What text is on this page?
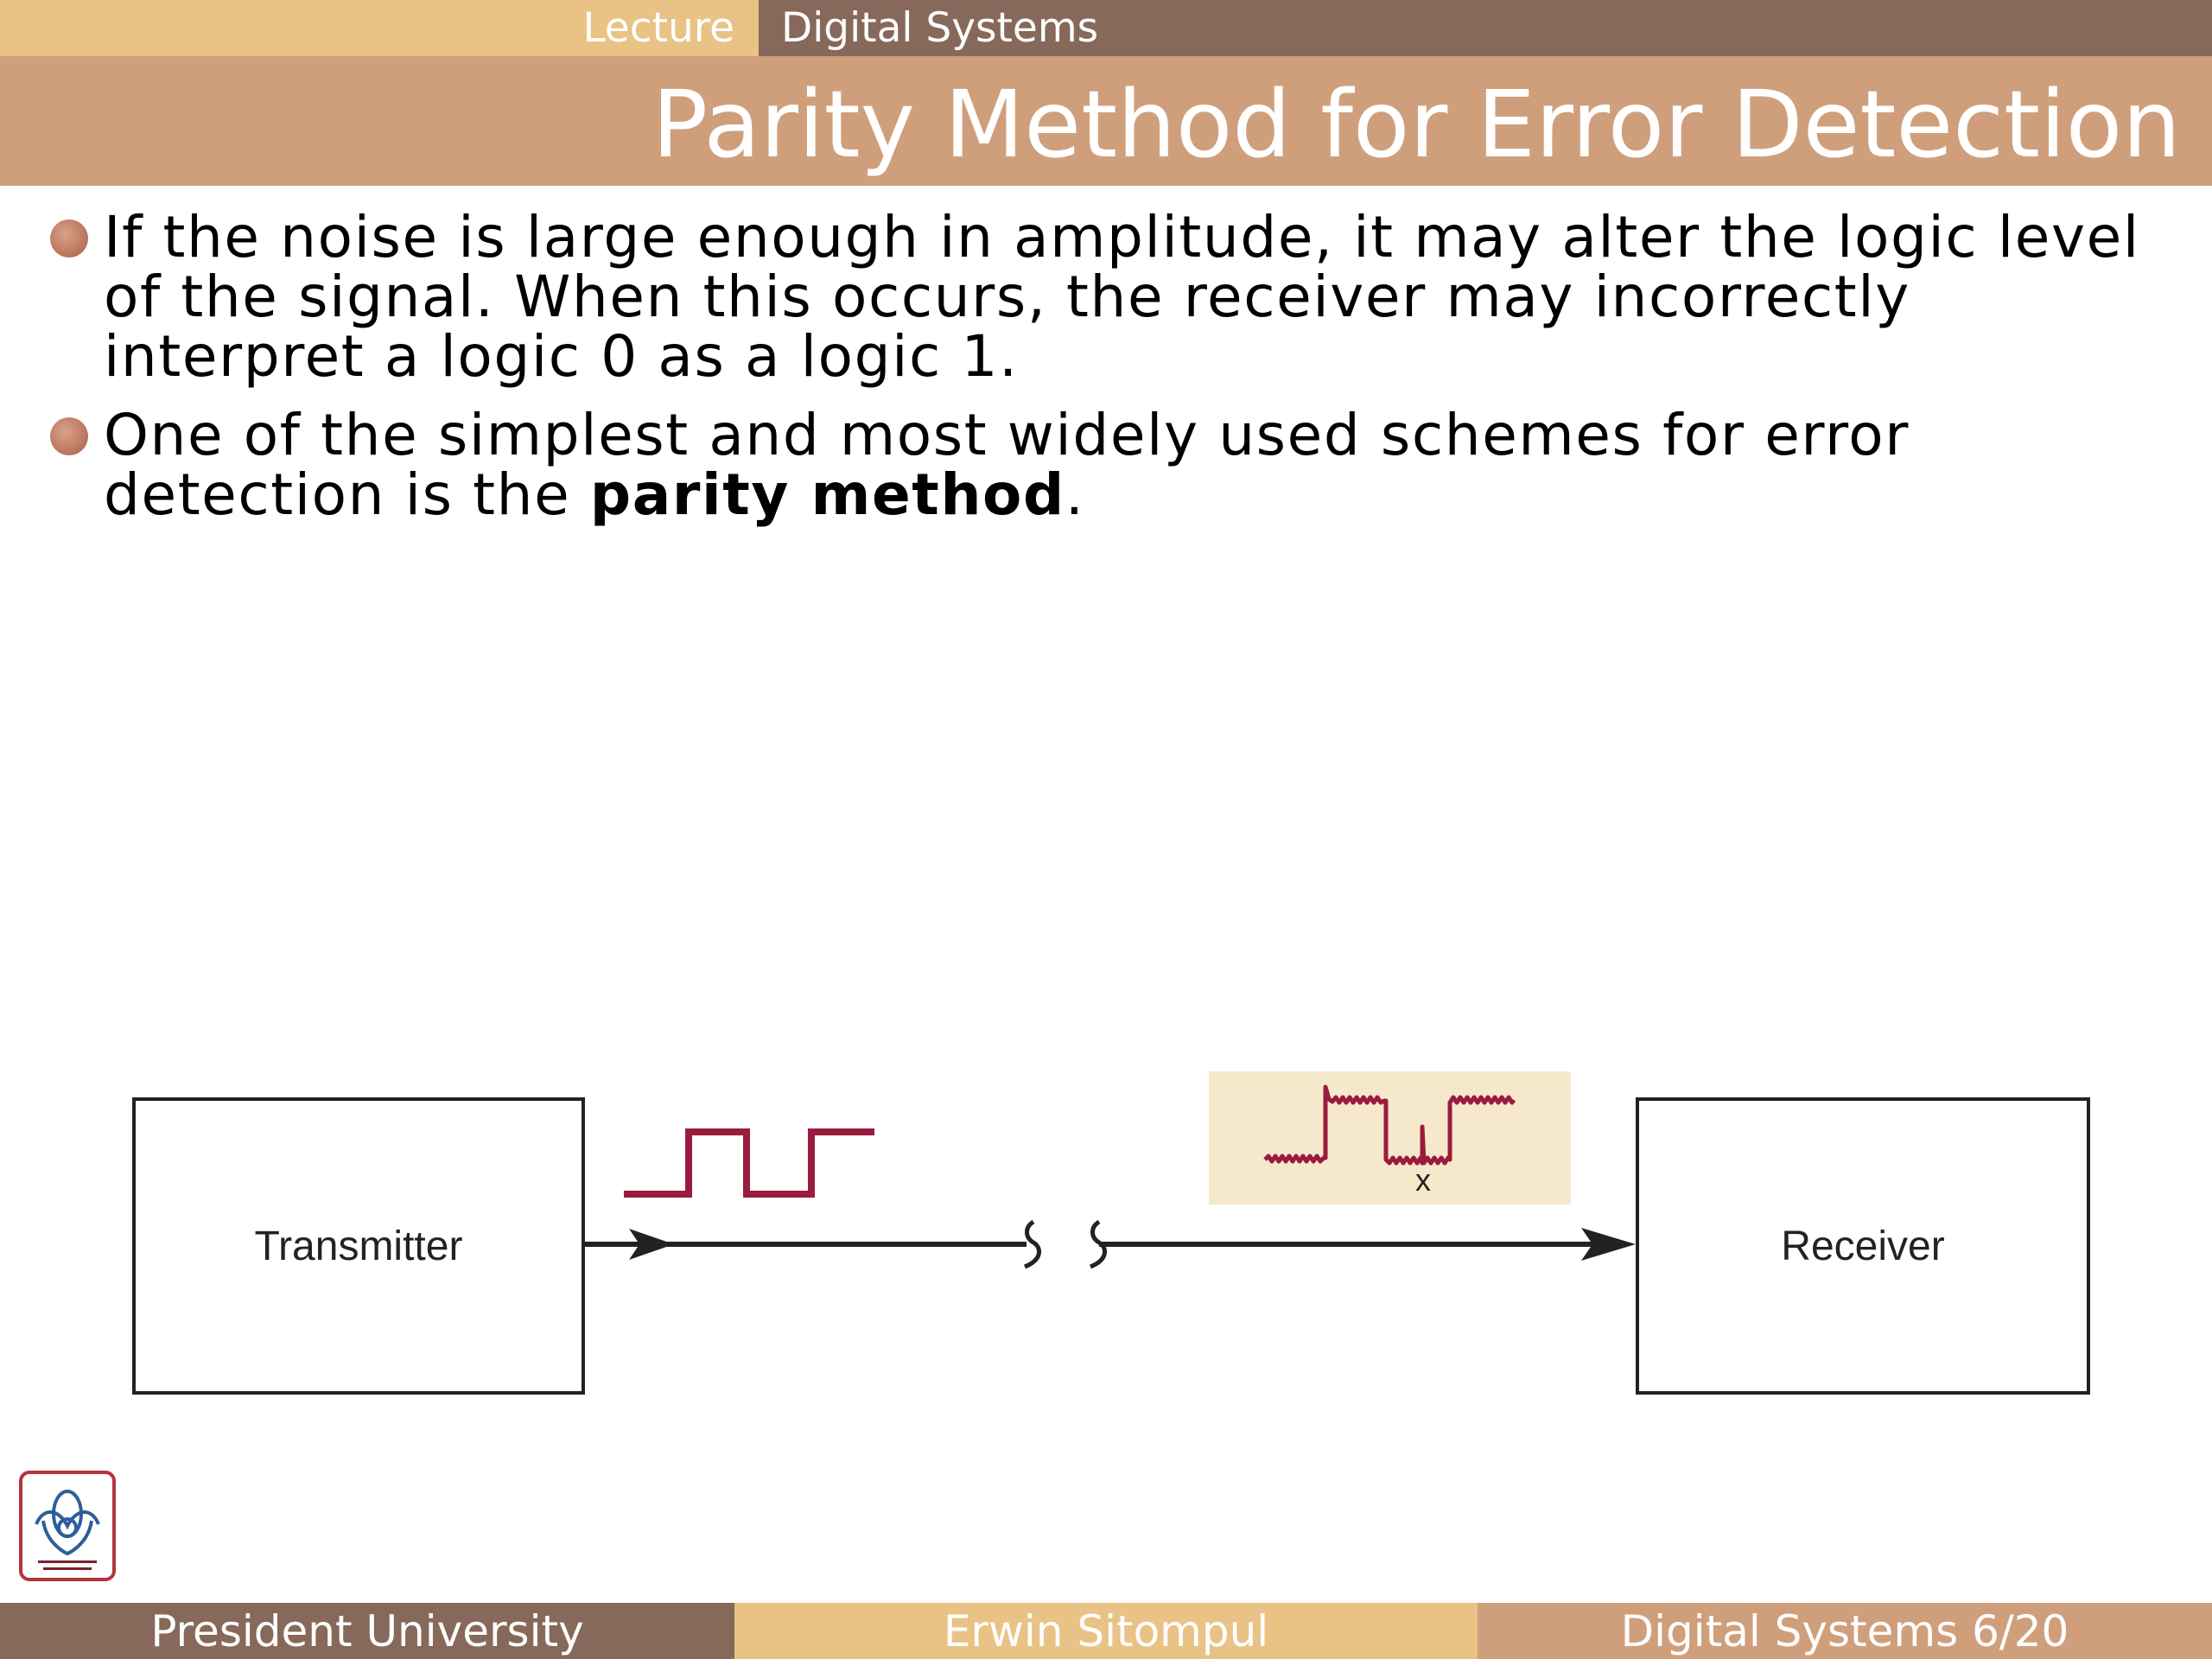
Lecture	Digital Systems
Parity Method for Error Detection

If the noise is large enough in amplitude, it may alter the logic level of the signal. When this occurs, the receiver may incorrectly interpret a logic 0 as a logic 1.

One of the simplest and most widely used schemes for error detection is the parity method.

Transmitter	Receiver
x
President University	Erwin Sitompul	Digital Systems 6/20
